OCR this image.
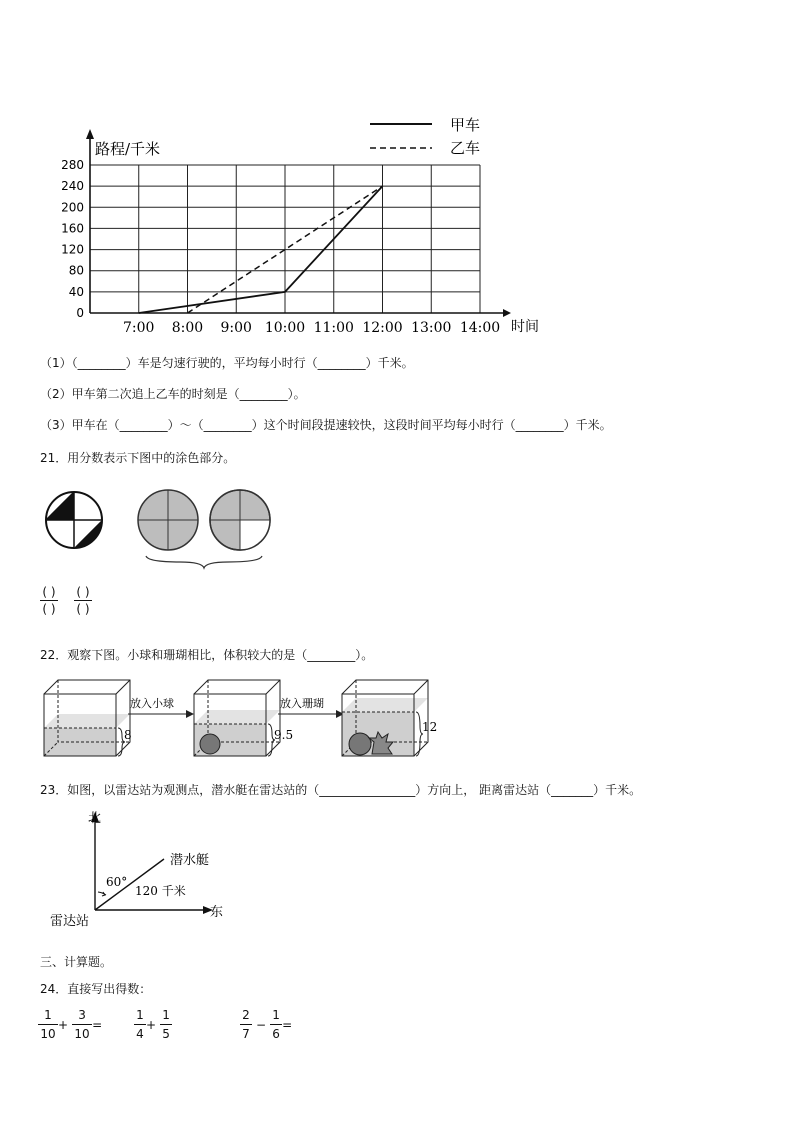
0
40
80
120
160
200
240
280
7:00 8:00 9:00 10:00 11:00 12:00 13:00 14:00
路程/千米
时间
甲车
乙车
（1）（________）车是匀速行驶的，平均每小时行（________）千米。
（2）甲车第二次追上乙车的时刻是（________）。
（3）甲车在（________）～（________）这个时间段提速较快，这段时间平均每小时行（________）千米。
21．用分数表示下图中的涂色部分。
( )
( )
( )
( )
22．观察下图。小球和珊瑚相比，体积较大的是（________）。
8
放入小球
9.5
放入珊瑚
12
23．如图，以雷达站为观测点，潜水艇在雷达站的（________________）方向上， 距离雷达站（_______）千米。
北
东
雷达站
潜水艇
60°
120 千米
三、计算题。
24．直接写出得数：
1
10
+
3
10
=
1
4
+
1
5
2
7
−
1
6
=
